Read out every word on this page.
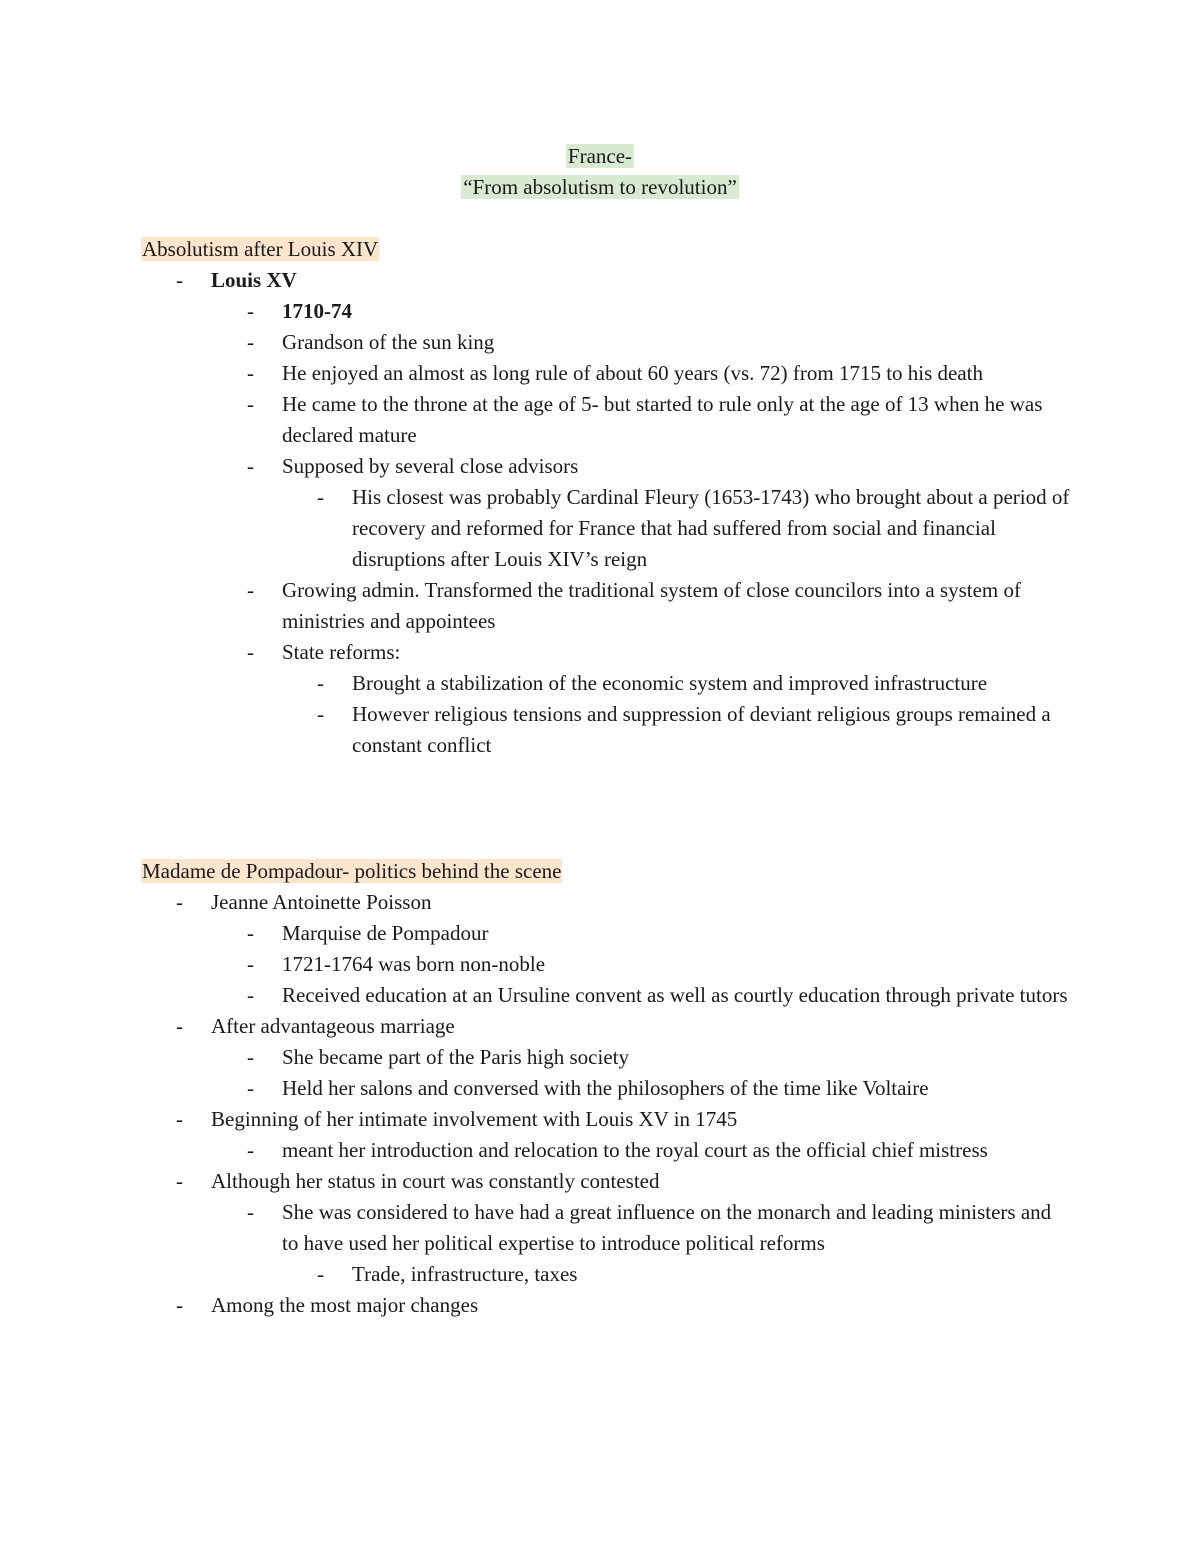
France-
“From absolutism to revolution”
Absolutism after Louis XIV
- Louis XV
- 1710-74
- Grandson of the sun king
- He enjoyed an almost as long rule of about 60 years (vs. 72) from 1715 to his death
- He came to the throne at the age of 5- but started to rule only at the age of 13 when he was declared mature
- Supposed by several close advisors
- His closest was probably Cardinal Fleury (1653-1743) who brought about a period of recovery and reformed for France that had suffered from social and financial disruptions after Louis XIV’s reign
- Growing admin. Transformed the traditional system of close councilors into a system of ministries and appointees
- State reforms:
- Brought a stabilization of the economic system and improved infrastructure
- However religious tensions and suppression of deviant religious groups remained a constant conflict
Madame de Pompadour- politics behind the scene
- Jeanne Antoinette Poisson
- Marquise de Pompadour
- 1721-1764 was born non-noble
- Received education at an Ursuline convent as well as courtly education through private tutors
- After advantageous marriage
- She became part of the Paris high society
- Held her salons and conversed with the philosophers of the time like Voltaire
- Beginning of her intimate involvement with Louis XV in 1745
- meant her introduction and relocation to the royal court as the official chief mistress
- Although her status in court was constantly contested
- She was considered to have had a great influence on the monarch and leading ministers and to have used her political expertise to introduce political reforms
- Trade, infrastructure, taxes
- Among the most major changes
